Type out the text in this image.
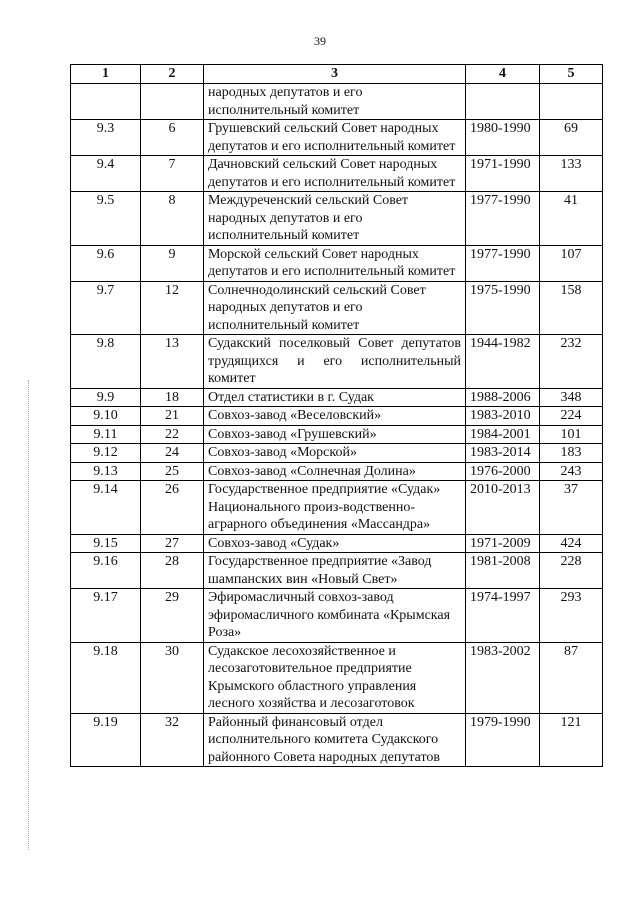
39
1	2	3	4	5
		народных депутатов и его исполнительный комитет		
9.3	6	Грушевский сельский Совет народных депутатов и его исполнительный комитет	1980-1990	69
9.4	7	Дачновский сельский Совет народных депутатов и его исполнительный комитет	1971-1990	133
9.5	8	Междуреченский сельский Совет народных депутатов и его исполнительный комитет	1977-1990	41
9.6	9	Морской сельский Совет народных депутатов и его исполнительный комитет	1977-1990	107
9.7	12	Солнечнодолинский сельский Совет народных депутатов и его исполнительный комитет	1975-1990	158
9.8	13	Судакский поселковый Совет депутатов трудящихся и его исполнительный комитет	1944-1982	232
9.9	18	Отдел статистики в г. Судак	1988-2006	348
9.10	21	Совхоз-завод «Веселовский»	1983-2010	224
9.11	22	Совхоз-завод «Грушевский»	1984-2001	101
9.12	24	Совхоз-завод «Морской»	1983-2014	183
9.13	25	Совхоз-завод «Солнечная Долина»	1976-2000	243
9.14	26	Государственное предприятие «Судак» Национального произ-водственно-аграрного объединения «Массандра»	2010-2013	37
9.15	27	Совхоз-завод «Судак»	1971-2009	424
9.16	28	Государственное предприятие «Завод шампанских вин «Новый Свет»	1981-2008	228
9.17	29	Эфиромасличный совхоз-завод эфиромасличного комбината «Крымская Роза»	1974-1997	293
9.18	30	Судакское лесохозяйственное и лесозаготовительное предприятие Крымского областного управления лесного хозяйства и лесозаготовок	1983-2002	87
9.19	32	Районный финансовый отдел исполнительного комитета Судакского районного Совета народных депутатов	1979-1990	121
